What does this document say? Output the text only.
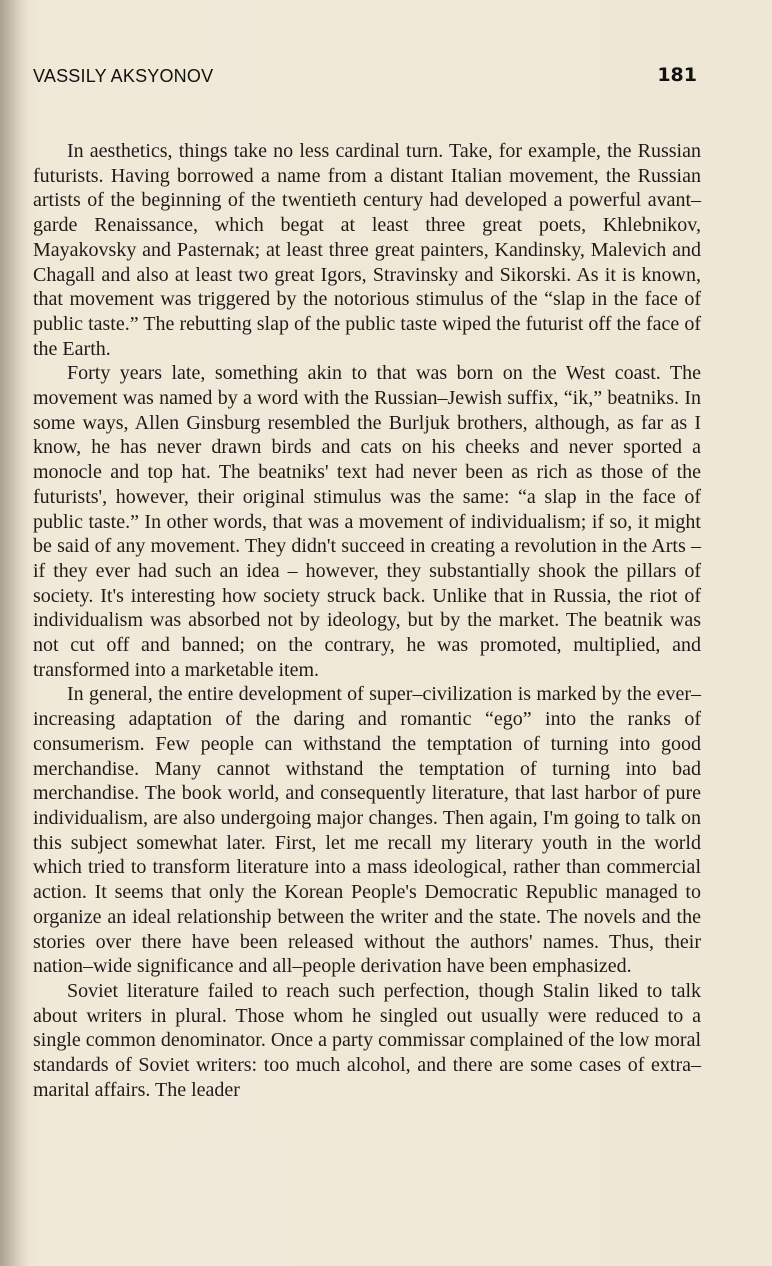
VASSILY AKSYONOV	181

In aesthetics, things take no less cardinal turn. Take, for example, the Russian futurists. Having borrowed a name from a distant Italian movement, the Russian artists of the beginning of the twentieth century had developed a powerful avant–garde Renaissance, which begat at least three great poets, Khlebnikov, Mayakovsky and Pasternak; at least three great painters, Kandinsky, Malevich and Chagall and also at least two great Igors, Stravinsky and Sikorski. As it is known, that movement was triggered by the notorious stimulus of the “slap in the face of public taste.” The rebutting slap of the public taste wiped the futurist off the face of the Earth.

Forty years late, something akin to that was born on the West coast. The movement was named by a word with the Russian–Jewish suffix, “ik,” beatniks. In some ways, Allen Ginsburg resembled the Burljuk brothers, although, as far as I know, he has never drawn birds and cats on his cheeks and never sported a monocle and top hat. The beatniks' text had never been as rich as those of the futurists', however, their original stimulus was the same: “a slap in the face of public taste.” In other words, that was a movement of individualism; if so, it might be said of any movement. They didn't succeed in creating a revolution in the Arts – if they ever had such an idea – however, they substantially shook the pillars of society. It's interesting how society struck back. Unlike that in Russia, the riot of individualism was absorbed not by ideology, but by the market. The beatnik was not cut off and banned; on the contrary, he was promoted, multiplied, and transformed into a marketable item.

In general, the entire development of super–civilization is marked by the ever–increasing adaptation of the daring and romantic “ego” into the ranks of consumerism. Few people can withstand the temptation of turning into good merchandise. Many cannot withstand the temptation of turning into bad merchandise. The book world, and consequently literature, that last harbor of pure individualism, are also undergoing major changes. Then again, I'm going to talk on this subject somewhat later. First, let me recall my literary youth in the world which tried to transform literature into a mass ideological, rather than commercial action. It seems that only the Korean People's Democratic Republic managed to organize an ideal relationship between the writer and the state. The novels and the stories over there have been released without the authors' names. Thus, their nation–wide significance and all–people derivation have been emphasized.

Soviet literature failed to reach such perfection, though Stalin liked to talk about writers in plural. Those whom he singled out usually were reduced to a single common denominator. Once a party commissar complained of the low moral standards of Soviet writers: too much alcohol, and there are some cases of extra–marital affairs. The leader
